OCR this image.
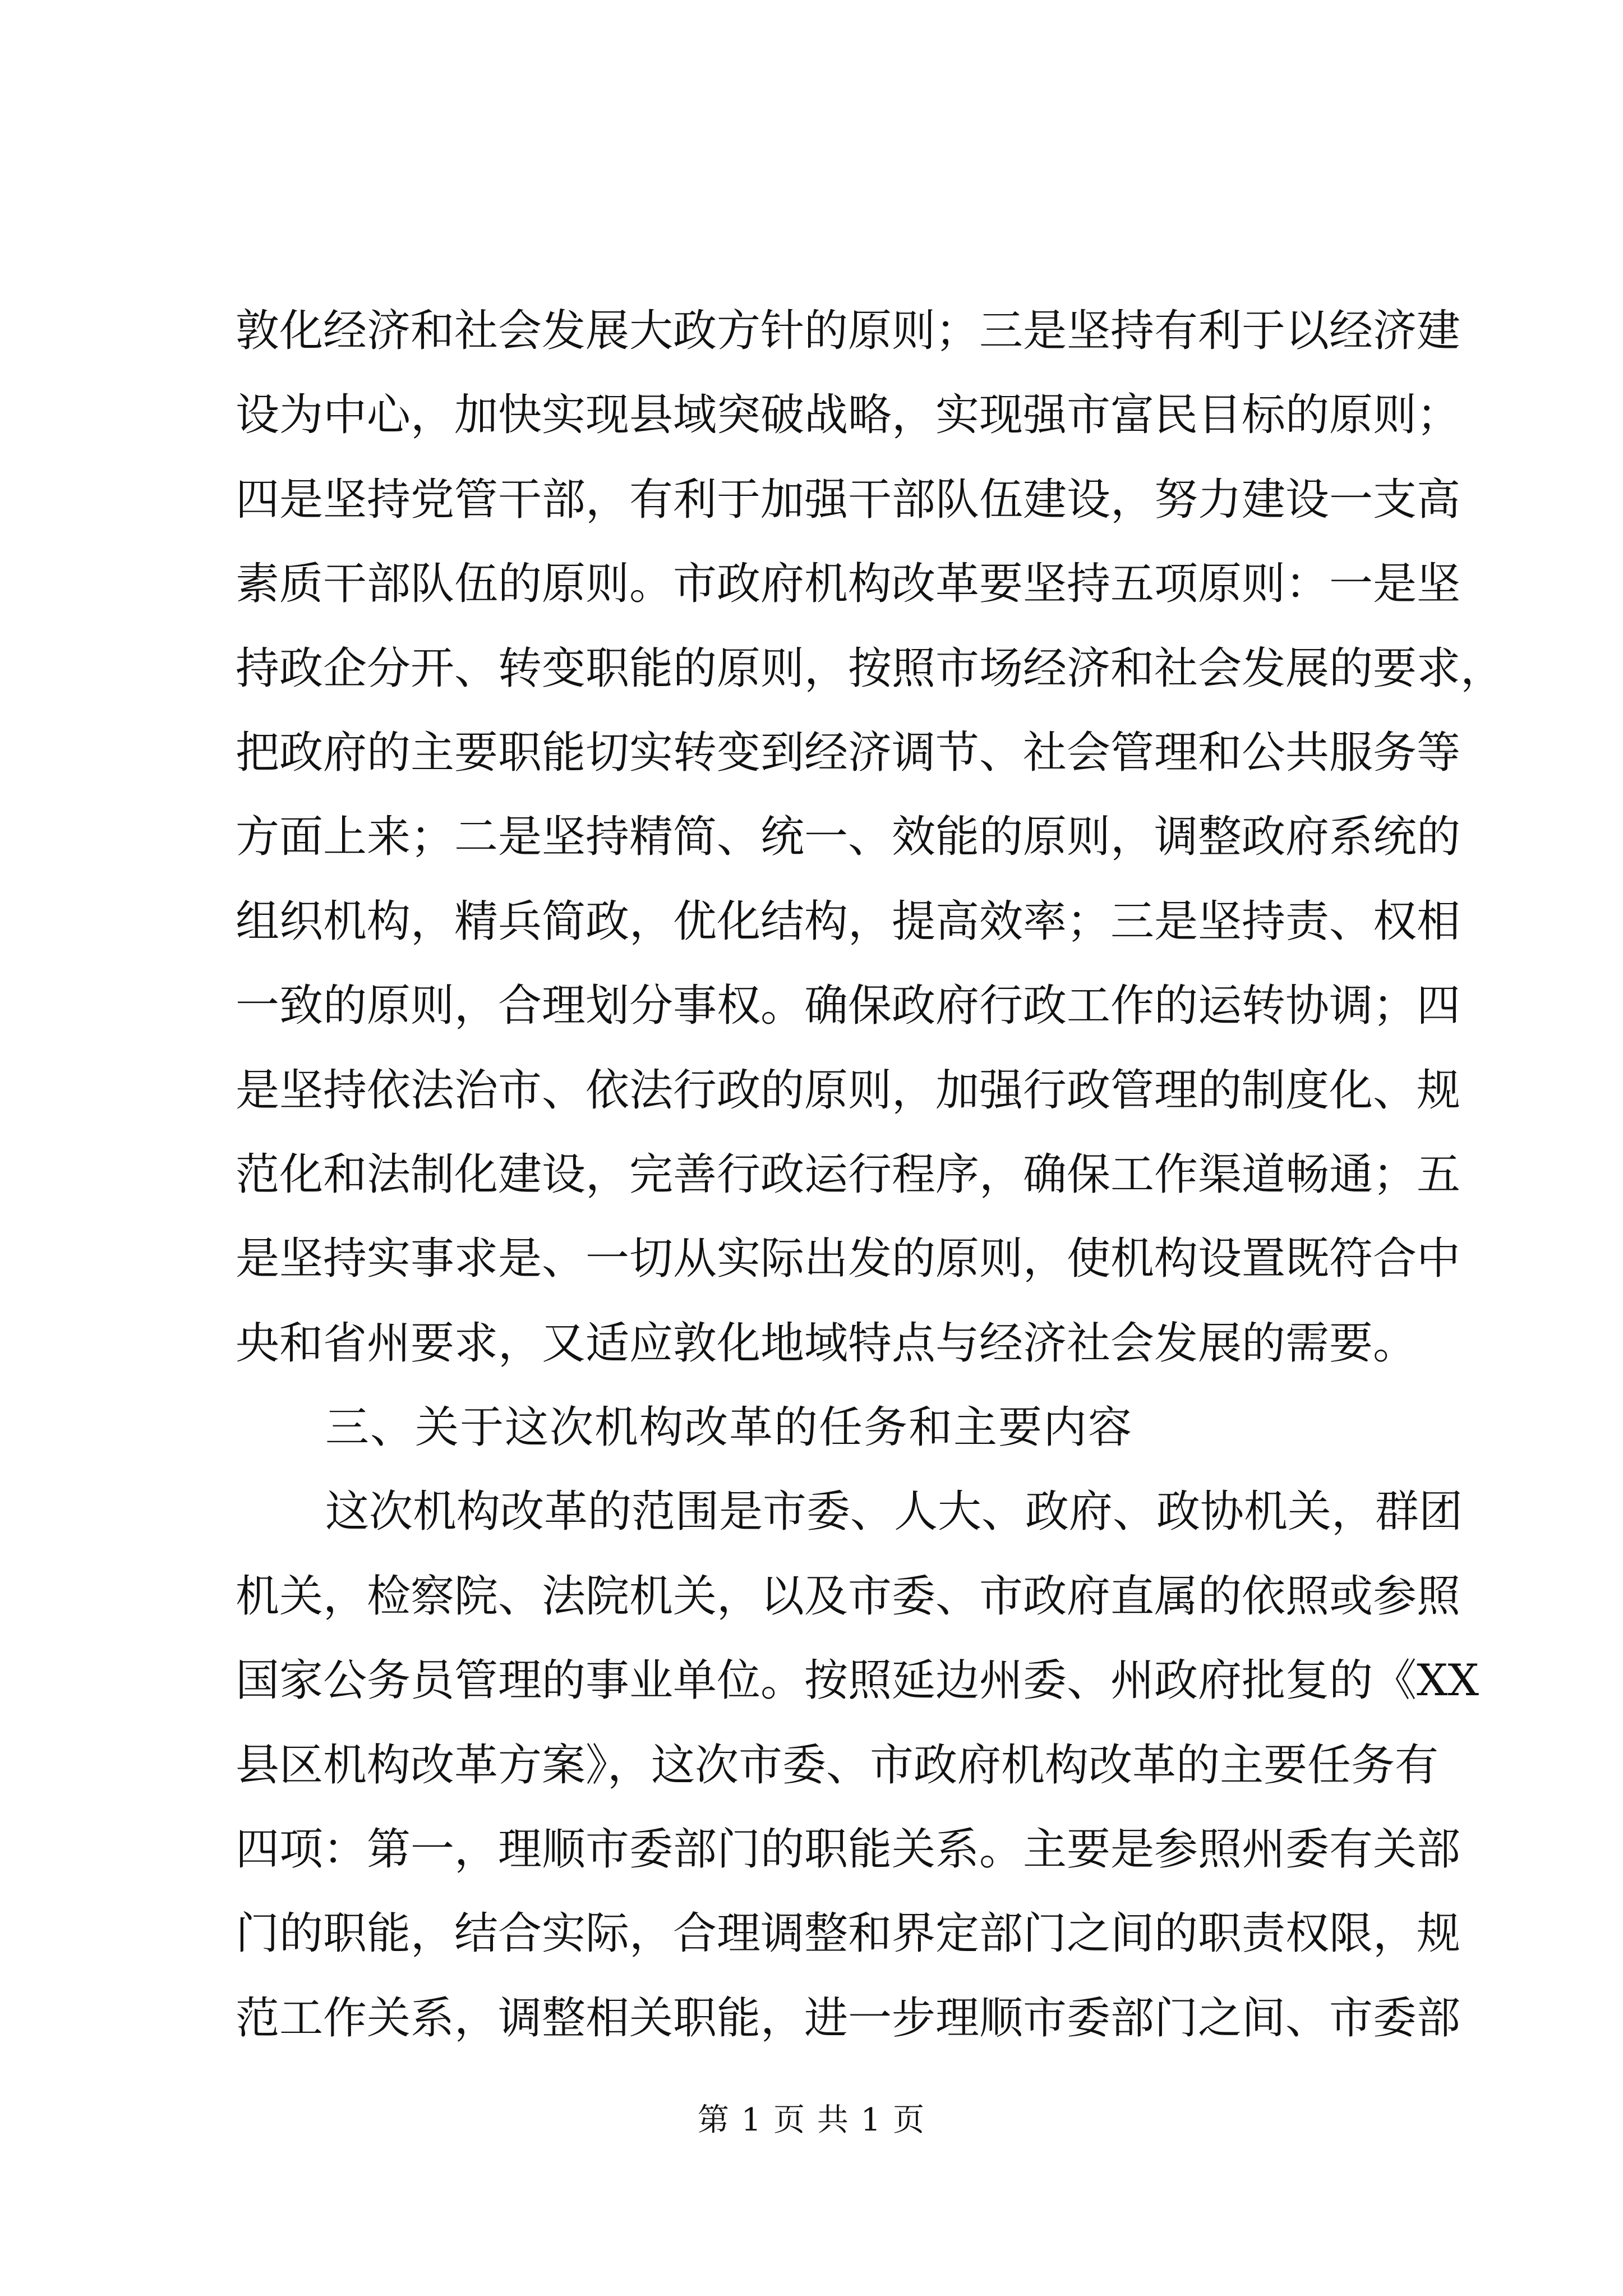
敦化经济和社会发展大政方针的原则；三是坚持有利于以经济建
设为中心，加快实现县域突破战略，实现强市富民目标的原则；
四是坚持党管干部，有利于加强干部队伍建设，努力建设一支高
素质干部队伍的原则。市政府机构改革要坚持五项原则：一是坚
持政企分开、转变职能的原则，按照市场经济和社会发展的要求，
把政府的主要职能切实转变到经济调节、社会管理和公共服务等
方面上来；二是坚持精简、统一、效能的原则，调整政府系统的
组织机构，精兵简政，优化结构，提高效率；三是坚持责、权相
一致的原则，合理划分事权。确保政府行政工作的运转协调；四
是坚持依法治市、依法行政的原则，加强行政管理的制度化、规
范化和法制化建设，完善行政运行程序，确保工作渠道畅通；五
是坚持实事求是、一切从实际出发的原则，使机构设置既符合中
央和省州要求，又适应敦化地域特点与经济社会发展的需要。
三、关于这次机构改革的任务和主要内容
这次机构改革的范围是市委、人大、政府、政协机关，群团
机关，检察院、法院机关，以及市委、市政府直属的依照或参照
国家公务员管理的事业单位。按照延边州委、州政府批复的《XX
县区机构改革方案》，这次市委、市政府机构改革的主要任务有
四项：第一，理顺市委部门的职能关系。主要是参照州委有关部
门的职能，结合实际，合理调整和界定部门之间的职责权限，规
范工作关系，调整相关职能，进一步理顺市委部门之间、市委部
第 1 页 共 1 页
